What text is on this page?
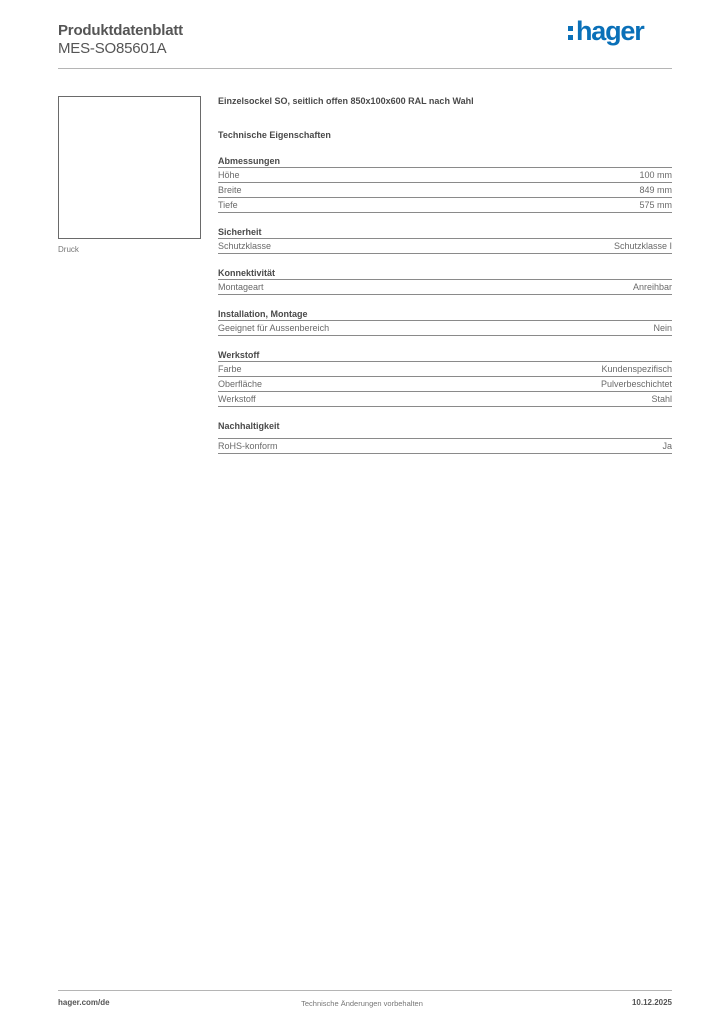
Produktdatenblatt
MES-SO85601A
hager
Druck
Einzelsockel SO, seitlich offen 850x100x600 RAL nach Wahl
Technische Eigenschaften
Abmessungen
Höhe	100 mm
Breite	849 mm
Tiefe	575 mm
Sicherheit
Schutzklasse	Schutzklasse I
Konnektivität
Montageart	Anreihbar
Installation, Montage
Geeignet für Aussenbereich	Nein
Werkstoff
Farbe	Kundenspezifisch
Oberfläche	Pulverbeschichtet
Werkstoff	Stahl
Nachhaltigkeit
RoHS-konform	Ja
hager.com/de	Technische Änderungen vorbehalten	10.12.2025
